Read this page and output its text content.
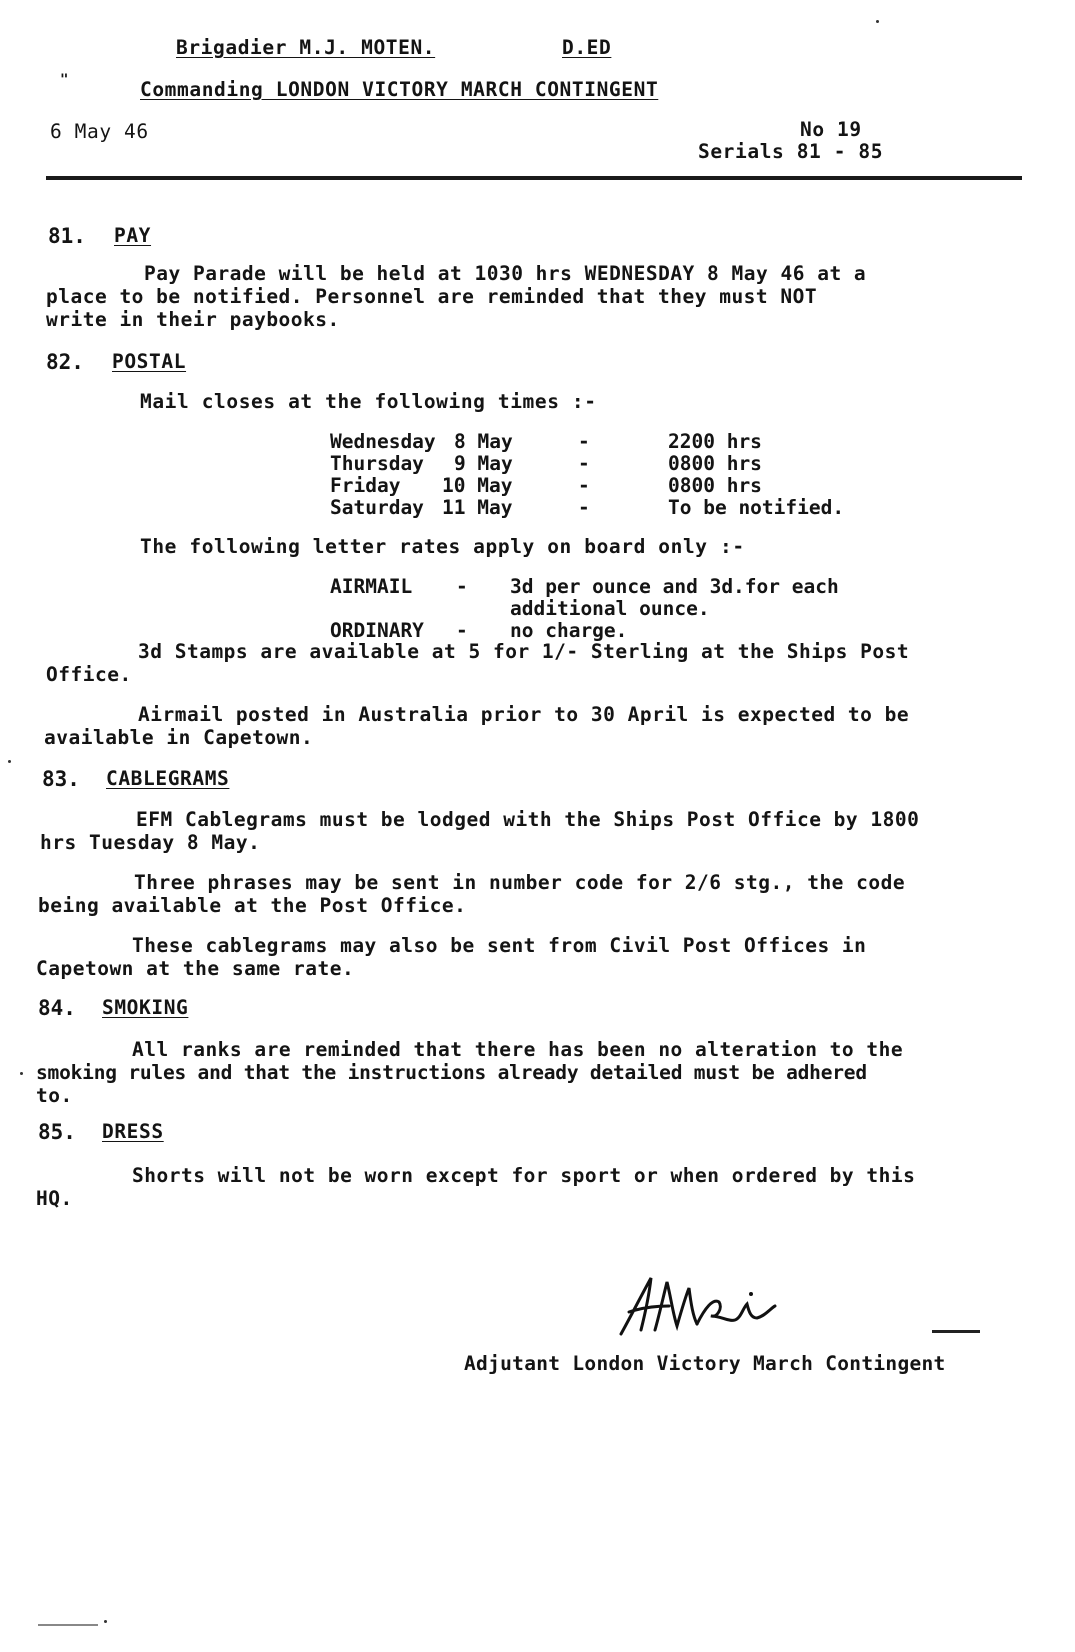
Brigadier M.J. MOTEN.	D.ED
"	Commanding LONDON VICTORY MARCH CONTINGENT
6 May 46	No 19
Serials 81 - 85
81. PAY
Pay Parade will be held at 1030 hrs WEDNESDAY 8 May 46 at a
place to be notified. Personnel are reminded that they must NOT
write in their paybooks.
82. POSTAL
Mail closes at the following times :-
Wednesday 8 May	-	2200 hrs
Thursday 9 May	-	0800 hrs
Friday 10 May	-	0800 hrs
Saturday 11 May	-	To be notified.
The following letter rates apply on board only :-
AIRMAIL - 3d per ounce and 3d.for each
additional ounce.
ORDINARY - no charge.
3d Stamps are available at 5 for 1/- Sterling at the Ships Post
Office.
Airmail posted in Australia prior to 30 April is expected to be
available in Capetown.
83. CABLEGRAMS
EFM Cablegrams must be lodged with the Ships Post Office by 1800
hrs Tuesday 8 May.
Three phrases may be sent in number code for 2/6 stg., the code
being available at the Post Office.
These cablegrams may also be sent from Civil Post Offices in
Capetown at the same rate.
84. SMOKING
All ranks are reminded that there has been no alteration to the
smoking rules and that the instructions already detailed must be adhered
to.
85. DRESS
Shorts will not be worn except for sport or when ordered by this
HQ.
Adjutant London Victory March Contingent
